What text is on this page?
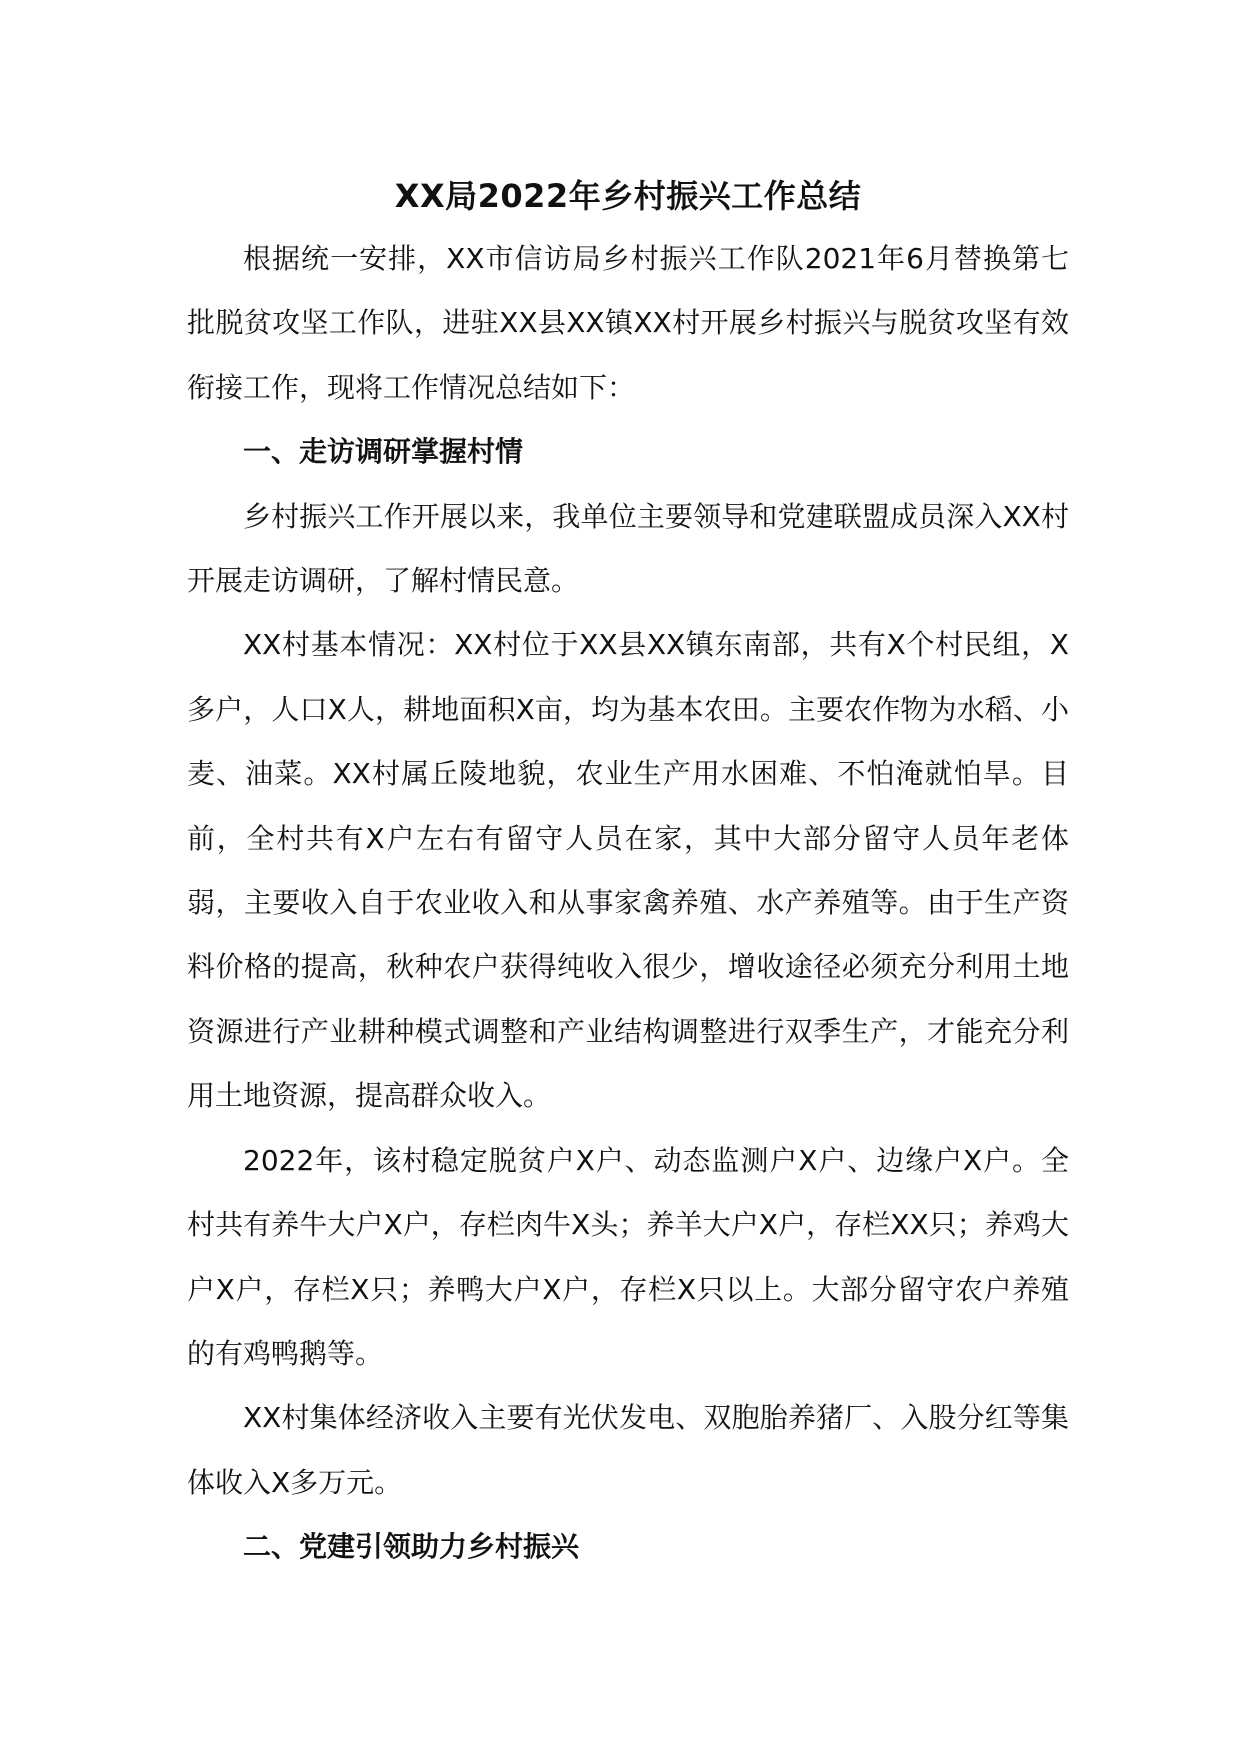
XX局2022年乡村振兴工作总结

根据统一安排，XX市信访局乡村振兴工作队2021年6月替换第七批脱贫攻坚工作队，进驻XX县XX镇XX村开展乡村振兴与脱贫攻坚有效衔接工作，现将工作情况总结如下：

一、走访调研掌握村情

乡村振兴工作开展以来，我单位主要领导和党建联盟成员深入XX村开展走访调研，了解村情民意。

XX村基本情况：XX村位于XX县XX镇东南部，共有X个村民组，X多户，人口X人，耕地面积X亩，均为基本农田。主要农作物为水稻、小麦、油菜。XX村属丘陵地貌，农业生产用水困难、不怕淹就怕旱。目前，全村共有X户左右有留守人员在家，其中大部分留守人员年老体弱，主要收入自于农业收入和从事家禽养殖、水产养殖等。由于生产资料价格的提高，秋种农户获得纯收入很少，增收途径必须充分利用土地资源进行产业耕种模式调整和产业结构调整进行双季生产，才能充分利用土地资源，提高群众收入。

2022年，该村稳定脱贫户X户、动态监测户X户、边缘户X户。全村共有养牛大户X户，存栏肉牛X头；养羊大户X户，存栏XX只；养鸡大户X户，存栏X只；养鸭大户X户，存栏X只以上。大部分留守农户养殖的有鸡鸭鹅等。

XX村集体经济收入主要有光伏发电、双胞胎养猪厂、入股分红等集体收入X多万元。

二、党建引领助力乡村振兴
